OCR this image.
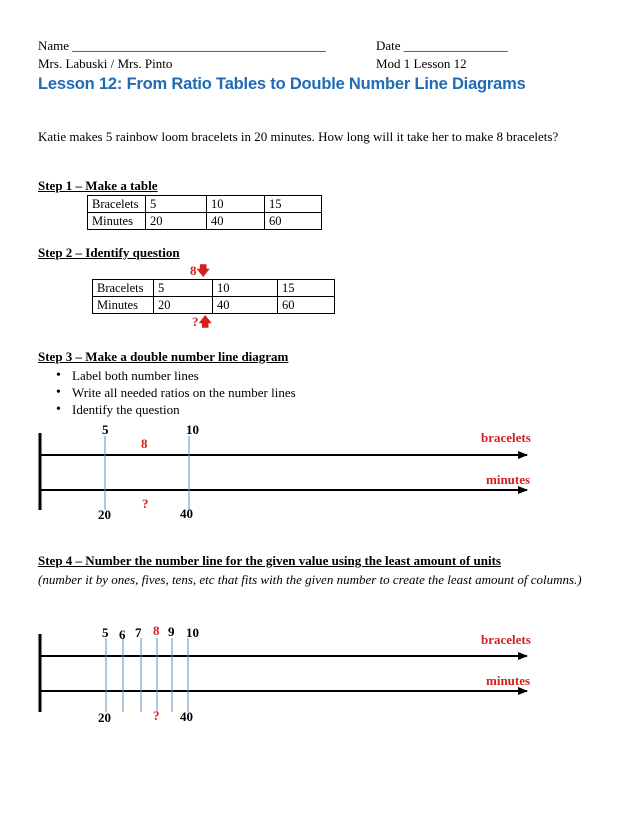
Name _______________________________________	Date ________________
Mrs. Labuski / Mrs. Pinto	Mod 1 Lesson 12
Lesson 12: From Ratio Tables to Double Number Line Diagrams
Katie makes 5 rainbow loom bracelets in 20 minutes. How long will it take her to make 8 bracelets?
Step 1 – Make a table
Bracelets	5	10	15
Minutes	20	40	60
Step 2 – Identify question
8🡇
Bracelets	5	10	15
Minutes	20	40	60
?🡅
Step 3 – Make a double number line diagram
• Label both number lines
• Write all needed ratios on the number lines
• Identify the question
5	10
8	bracelets
minutes
?
20	40
Step 4 – Number the number line for the given value using the least amount of units
(number it by ones, fives, tens, etc that fits with the given number to create the least amount of columns.)
5 6 7 8 9 10	bracelets
minutes
20	? 40
